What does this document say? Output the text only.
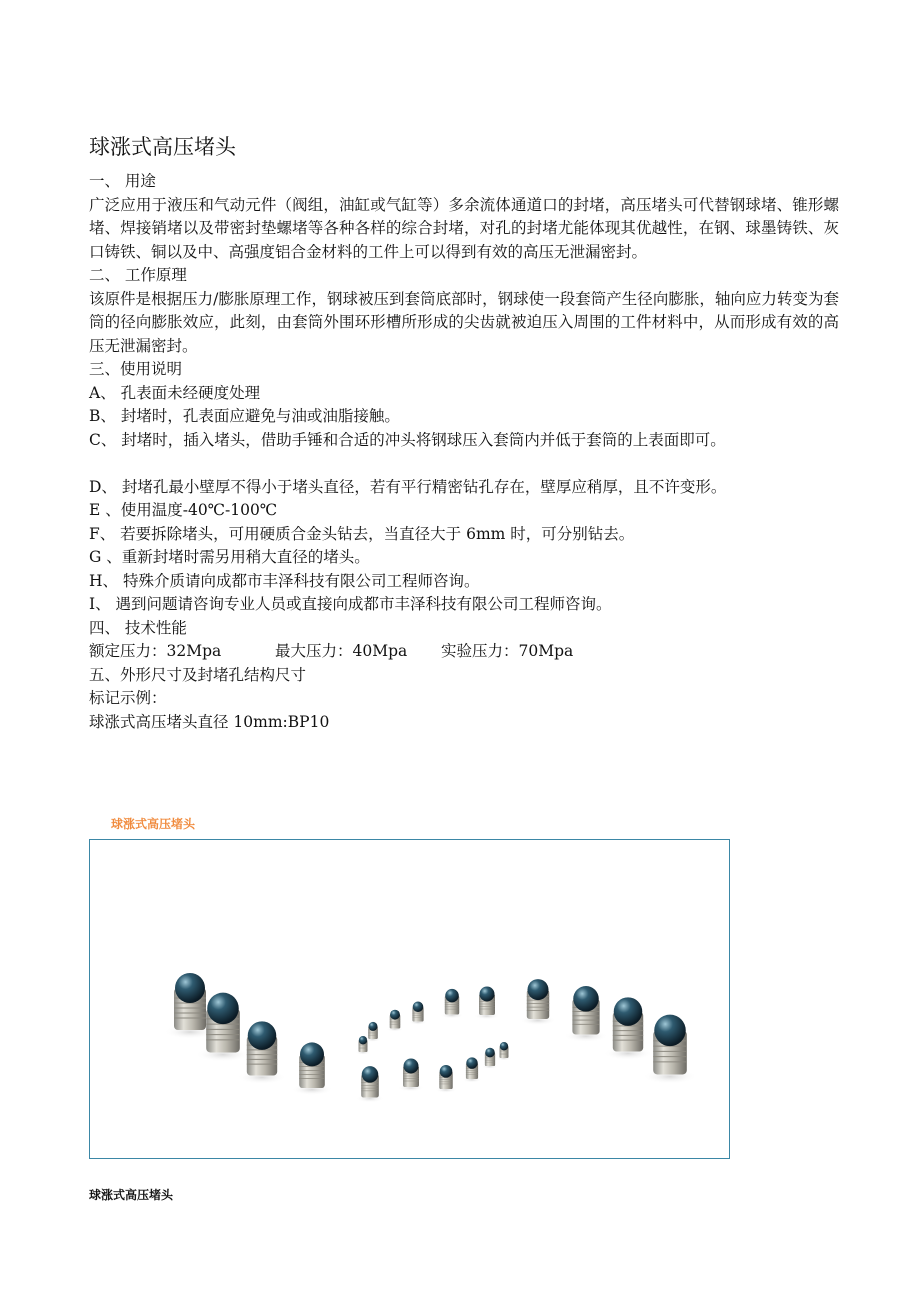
球涨式高压堵头

一、 用途

广泛应用于液压和气动元件（阀组，油缸或气缸等）多余流体通道口的封堵，高压堵头可代替钢球堵、锥形螺堵、焊接销堵以及带密封垫螺堵等各种各样的综合封堵，对孔的封堵尤能体现其优越性，在钢、球墨铸铁、灰口铸铁、铜以及中、高强度铝合金材料的工件上可以得到有效的高压无泄漏密封。

二、 工作原理

该原件是根据压力/膨胀原理工作，钢球被压到套筒底部时，钢球使一段套筒产生径向膨胀，轴向应力转变为套筒的径向膨胀效应，此刻，由套筒外围环形槽所形成的尖齿就被迫压入周围的工件材料中，从而形成有效的高压无泄漏密封。

三、使用说明

A、 孔表面未经硬度处理

B、 封堵时，孔表面应避免与油或油脂接触。

C、 封堵时，插入堵头，借助手锤和合适的冲头将钢球压入套筒内并低于套筒的上表面即可。

D、 封堵孔最小壁厚不得小于堵头直径，若有平行精密钻孔存在，壁厚应稍厚，且不许变形。

E 、使用温度-40℃-100℃

F、 若要拆除堵头，可用硬质合金头钻去，当直径大于 6mm 时，可分别钻去。

G 、重新封堵时需另用稍大直径的堵头。

H、 特殊介质请向成都市丰泽科技有限公司工程师咨询。

I、 遇到问题请咨询专业人员或直接向成都市丰泽科技有限公司工程师咨询。

四、 技术性能

额定压力：32Mpa	最大压力：40Mpa 实验压力：70Mpa

五、外形尺寸及封堵孔结构尺寸

标记示例：

球涨式高压堵头直径 10mm:BP10

球涨式高压堵头
球涨式高压堵头
